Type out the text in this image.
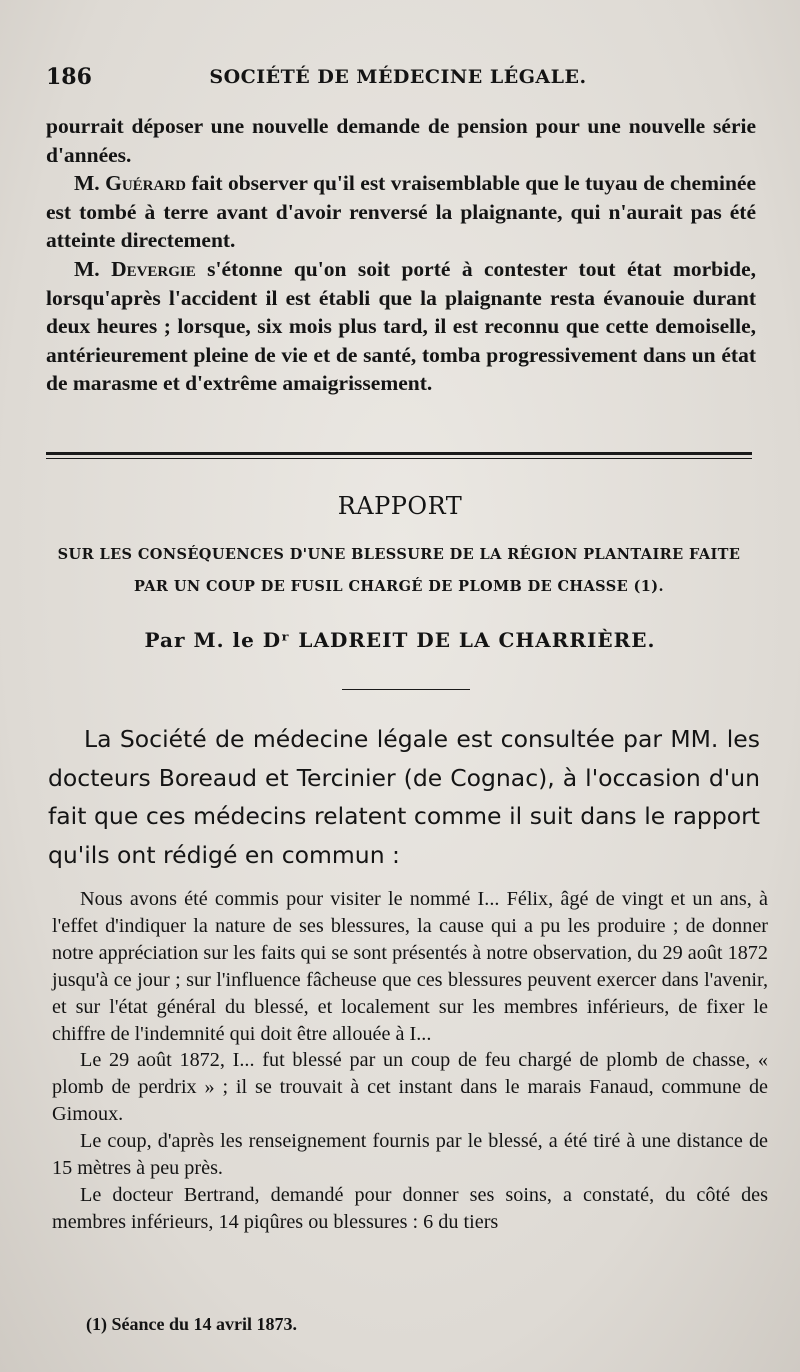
186	SOCIÉTÉ DE MÉDECINE LÉGALE.

pourrait déposer une nouvelle demande de pension pour une nouvelle série d'années.

M. Guérard fait observer qu'il est vraisemblable que le tuyau de cheminée est tombé à terre avant d'avoir renversé la plaignante, qui n'aurait pas été atteinte directement.

M. Devergie s'étonne qu'on soit porté à contester tout état morbide, lorsqu'après l'accident il est établi que la plaignante resta évanouie durant deux heures ; lorsque, six mois plus tard, il est reconnu que cette demoiselle, antérieurement pleine de vie et de santé, tomba progressivement dans un état de marasme et d'extrême amaigrissement.

RAPPORT
SUR LES CONSÉQUENCES D'UNE BLESSURE DE LA RÉGION PLANTAIRE FAITE
PAR UN COUP DE FUSIL CHARGÉ DE PLOMB DE CHASSE (1).
Par M. le Dʳ LADREIT DE LA CHARRIÈRE.

La Société de médecine légale est consultée par MM. les docteurs Boreaud et Tercinier (de Cognac), à l'occasion d'un fait que ces médecins relatent comme il suit dans le rapport qu'ils ont rédigé en commun :

Nous avons été commis pour visiter le nommé I... Félix, âgé de vingt et un ans, à l'effet d'indiquer la nature de ses blessures, la cause qui a pu les produire ; de donner notre appréciation sur les faits qui se sont présentés à notre observation, du 29 août 1872 jusqu'à ce jour ; sur l'influence fâcheuse que ces blessures peuvent exercer dans l'avenir, et sur l'état général du blessé, et localement sur les membres inférieurs, de fixer le chiffre de l'indemnité qui doit être allouée à I...

Le 29 août 1872, I... fut blessé par un coup de feu chargé de plomb de chasse, « plomb de perdrix » ; il se trouvait à cet instant dans le marais Fanaud, commune de Gimoux.

Le coup, d'après les renseignement fournis par le blessé, a été tiré à une distance de 15 mètres à peu près.

Le docteur Bertrand, demandé pour donner ses soins, a constaté, du côté des membres inférieurs, 14 piqûres ou blessures : 6 du tiers

(1) Séance du 14 avril 1873.
